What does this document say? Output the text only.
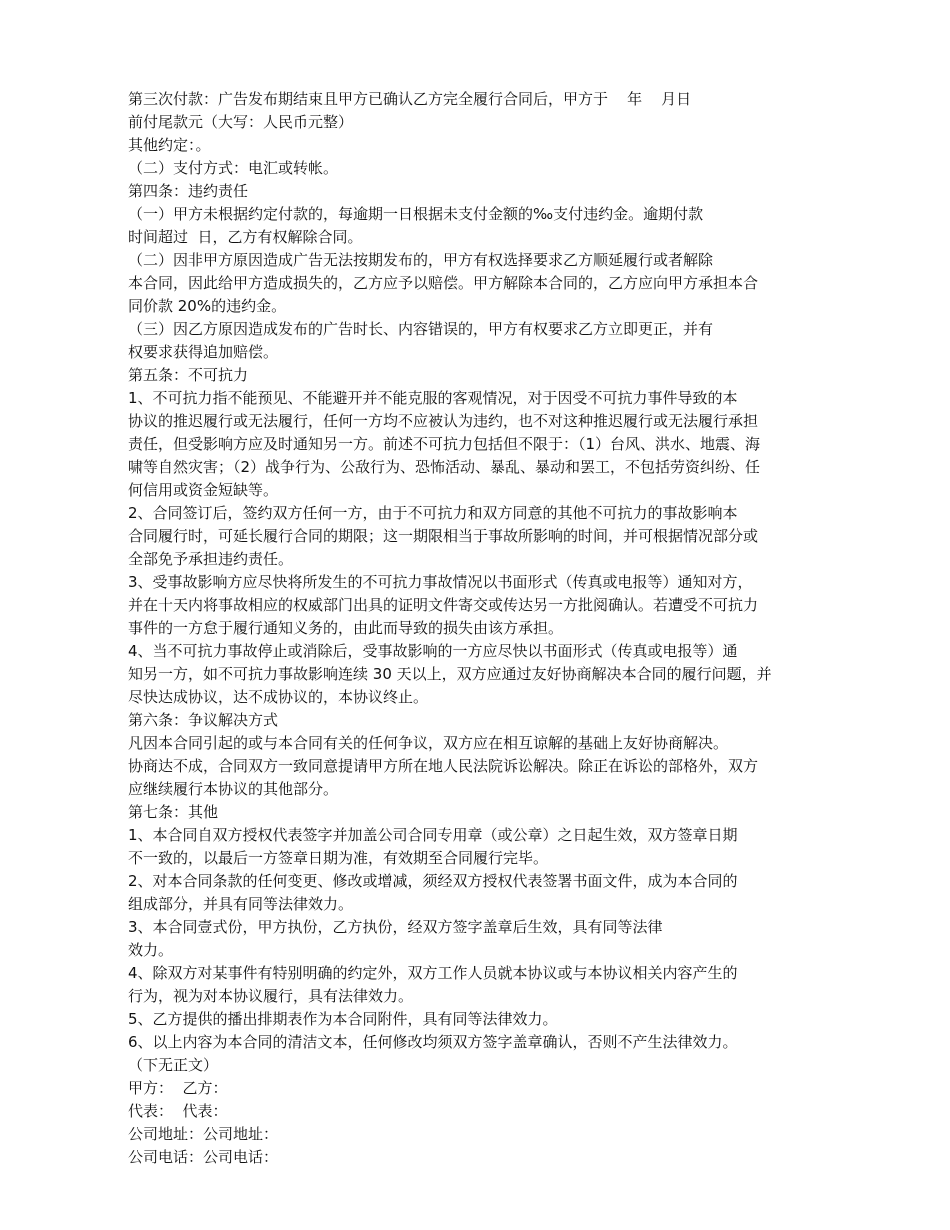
第三次付款：广告发布期结束且甲方已确认乙方完全履行合同后，甲方于    年    月日
前付尾款元（大写：人民币元整）
其他约定：。
（二）支付方式：电汇或转帐。
第四条：违约责任
（一）甲方未根据约定付款的，每逾期一日根据未支付金额的‰支付违约金。逾期付款
时间超过  日，乙方有权解除合同。
（二）因非甲方原因造成广告无法按期发布的，甲方有权选择要求乙方顺延履行或者解除
本合同，因此给甲方造成损失的，乙方应予以赔偿。甲方解除本合同的，乙方应向甲方承担本合
同价款 20%的违约金。
（三）因乙方原因造成发布的广告时长、内容错误的，甲方有权要求乙方立即更正，并有
权要求获得追加赔偿。
第五条：不可抗力
1、不可抗力指不能预见、不能避开并不能克服的客观情况，对于因受不可抗力事件导致的本
协议的推迟履行或无法履行，任何一方均不应被认为违约，也不对这种推迟履行或无法履行承担
责任，但受影响方应及时通知另一方。前述不可抗力包括但不限于：（1）台风、洪水、地震、海
啸等自然灾害；（2）战争行为、公敌行为、恐怖活动、暴乱、暴动和罢工，不包括劳资纠纷、任
何信用或资金短缺等。
2、合同签订后，签约双方任何一方，由于不可抗力和双方同意的其他不可抗力的事故影响本
合同履行时，可延长履行合同的期限；这一期限相当于事故所影响的时间，并可根据情况部分或
全部免予承担违约责任。
3、受事故影响方应尽快将所发生的不可抗力事故情况以书面形式（传真或电报等）通知对方，
并在十天内将事故相应的权威部门出具的证明文件寄交或传达另一方批阅确认。若遭受不可抗力
事件的一方怠于履行通知义务的，由此而导致的损失由该方承担。
4、当不可抗力事故停止或消除后，受事故影响的一方应尽快以书面形式（传真或电报等）通
知另一方，如不可抗力事故影响连续 30 天以上，双方应通过友好协商解决本合同的履行问题，并
尽快达成协议，达不成协议的，本协议终止。
第六条：争议解决方式
凡因本合同引起的或与本合同有关的任何争议，双方应在相互谅解的基础上友好协商解决。
协商达不成，合同双方一致同意提请甲方所在地人民法院诉讼解决。除正在诉讼的部格外，双方
应继续履行本协议的其他部分。
第七条：其他
1、本合同自双方授权代表签字并加盖公司合同专用章（或公章）之日起生效，双方签章日期
不一致的，以最后一方签章日期为准，有效期至合同履行完毕。
2、对本合同条款的任何变更、修改或增减，须经双方授权代表签署书面文件，成为本合同的
组成部分，并具有同等法律效力。
3、本合同壹式份，甲方执份，乙方执份，经双方签字盖章后生效，具有同等法律
效力。
4、除双方对某事件有特别明确的约定外，双方工作人员就本协议或与本协议相关内容产生的
行为，视为对本协议履行，具有法律效力。
5、乙方提供的播出排期表作为本合同附件，具有同等法律效力。
6、以上内容为本合同的清洁文本，任何修改均须双方签字盖章确认，否则不产生法律效力。
（下无正文）
甲方：  乙方：
代表：  代表：
公司地址：公司地址：
公司电话：公司电话：
